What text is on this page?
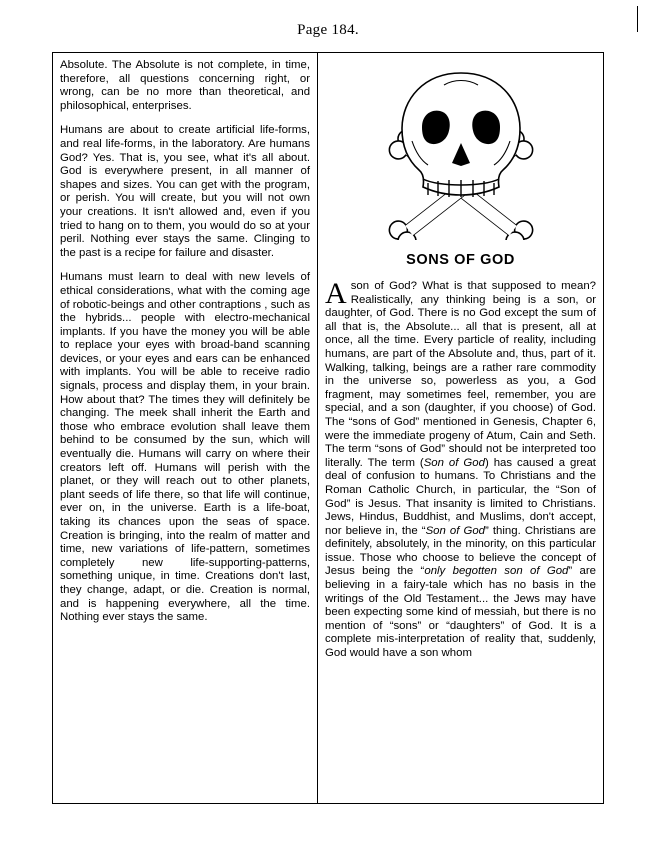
Page 184.

Absolute. The Absolute is not complete, in time, therefore, all questions concerning right, or wrong, can be no more than theoretical, and philosophical, enterprises.

Humans are about to create artificial life-forms, and real life-forms, in the laboratory. Are humans God? Yes. That is, you see, what it's all about. God is everywhere present, in all manner of shapes and sizes. You can get with the program, or perish. You will create, but you will not own your creations. It isn't allowed and, even if you tried to hang on to them, you would do so at your peril. Nothing ever stays the same. Clinging to the past is a recipe for failure and disaster.

Humans must learn to deal with new levels of ethical considerations, what with the coming age of robotic-beings and other contraptions , such as the hybrids... people with electro-mechanical implants. If you have the money you will be able to replace your eyes with broad-band scanning devices, or your eyes and ears can be enhanced with implants. You will be able to receive radio signals, process and display them, in your brain. How about that? The times they will definitely be changing. The meek shall inherit the Earth and those who embrace evolution shall leave them behind to be consumed by the sun, which will eventually die. Humans will carry on where their creators left off. Humans will perish with the planet, or they will reach out to other planets, plant seeds of life there, so that life will continue, ever on, in the universe. Earth is a life-boat, taking its chances upon the seas of space. Creation is bringing, into the realm of matter and time, new variations of life-pattern, sometimes completely new life-supporting-patterns, something unique, in time. Creations don't last, they change, adapt, or die. Creation is normal, and is happening everywhere, all the time. Nothing ever stays the same.

SONS OF GOD

A son of God? What is that supposed to mean? Realistically, any thinking being is a son, or daughter, of God. There is no God except the sum of all that is, the Absolute... all that is present, all at once, all the time. Every particle of reality, including humans, are part of the Absolute and, thus, part of it. Walking, talking, beings are a rather rare commodity in the universe so, powerless as you, a God fragment, may sometimes feel, remember, you are special, and a son (daughter, if you choose) of God. The “sons of God” mentioned in Genesis, Chapter 6, were the immediate progeny of Atum, Cain and Seth. The term “sons of God” should not be interpreted too literally. The term (Son of God) has caused a great deal of confusion to humans. To Christians and the Roman Catholic Church, in particular, the “Son of God” is Jesus. That insanity is limited to Christians. Jews, Hindus, Buddhist, and Muslims, don't accept, nor believe in, the “Son of God” thing. Christians are definitely, absolutely, in the minority, on this particular issue. Those who choose to believe the concept of Jesus being the “only begotten son of God” are believing in a fairy-tale which has no basis in the writings of the Old Testament... the Jews may have been expecting some kind of messiah, but there is no mention of “sons” or “daughters” of God. It is a complete mis-interpretation of reality that, suddenly, God would have a son whom
